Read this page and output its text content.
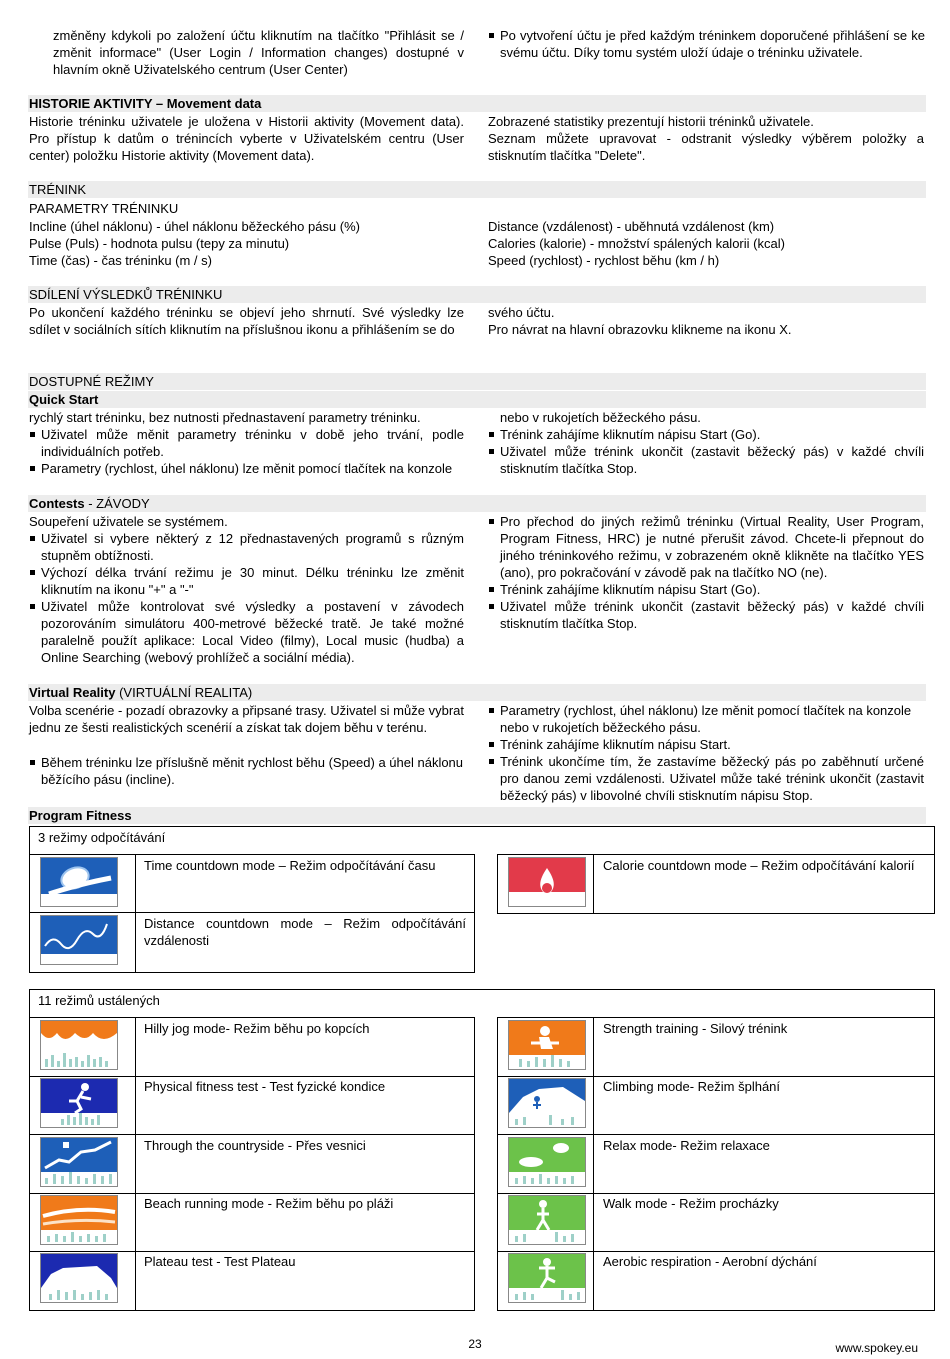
změněny kdykoli po založení účtu kliknutím na tlačítko "Přihlásit se / změnit informace" (User Login / Information changes) dostupné v hlavním okně Uživatelského centrum (User Center)
Po vytvoření účtu je před každým tréninkem doporučené přihlášení se ke svému účtu. Díky tomu systém uloží údaje o tréninku uživatele.
HISTORIE AKTIVITY – Movement data
Historie tréninku uživatele je uložena v Historii aktivity (Movement data). Pro přístup k datům o trénincích vyberte v Uživatelském centru (User center) položku Historie aktivity (Movement data).
Zobrazené statistiky prezentují historii tréninků uživatele.
Seznam můžete upravovat - odstranit výsledky výběrem položky a stisknutím tlačítka "Delete".
TRÉNINK
PARAMETRY TRÉNINKU
Incline (úhel náklonu) - úhel náklonu běžeckého pásu (%)
Pulse (Puls) - hodnota pulsu (tepy za minutu)
Time (čas) - čas tréninku (m / s)
Distance (vzdálenost) - uběhnutá vzdálenost (km)
Calories (kalorie) - množství spálených kalorii (kcal)
Speed (rychlost) - rychlost běhu (km / h)
SDÍLENÍ VÝSLEDKŮ TRÉNINKU
Po ukončení každého tréninku se objeví jeho shrnutí. Své výsledky lze sdílet v sociálních sítích kliknutím na příslušnou ikonu a přihlášením se do
svého účtu.
Pro návrat na hlavní obrazovku klikneme na ikonu X.
DOSTUPNÉ REŽIMY
Quick Start
rychlý start tréninku, bez nutnosti přednastavení parametry tréninku.
Uživatel může měnit parametry tréninku v době jeho trvání, podle individuálních potřeb.
Parametry (rychlost, úhel náklonu) lze měnit pomocí tlačítek na konzole
nebo v rukojetích běžeckého pásu.
Trénink zahájíme kliknutím nápisu Start (Go).
Uživatel může trénink ukončit (zastavit běžecký pás) v každé chvíli stisknutím tlačítka Stop.
Contests - ZÁVODY
Soupeření uživatele se systémem.
Uživatel si vybere některý z 12 přednastavených programů s různým stupněm obtížnosti.
Výchozí délka trvání režimu je 30 minut. Délku tréninku lze změnit kliknutím na ikonu "+" a "-"
Uživatel může kontrolovat své výsledky a postavení v závodech pozorováním simulátoru 400-metrové běžecké tratě. Je také možné paralelně použít aplikace: Local Video (filmy), Local music (hudba) a Online Searching (webový prohlížeč a sociální média).
Pro přechod do jiných režimů tréninku (Virtual Reality, User Program, Program Fitness, HRC) je nutné přerušit závod. Chcete-li přepnout do jiného tréninkového režimu, v zobrazeném okně klikněte na tlačítko YES (ano), pro pokračování v závodě pak na tlačítko NO (ne).
Trénink zahájíme kliknutím nápisu Start (Go).
Uživatel může trénink ukončit (zastavit běžecký pás) v každé chvíli stisknutím tlačítka Stop.
Virtual Reality (VIRTUÁLNÍ REALITA)
Volba scenérie - pozadí obrazovky a připsané trasy. Uživatel si může vybrat jednu ze šesti realistických scenérií a získat tak dojem běhu v terénu.
Během tréninku lze příslušně měnit rychlost běhu (Speed) a úhel náklonu běžícího pásu (incline).
Parametry (rychlost, úhel náklonu) lze měnit pomocí tlačítek na konzole nebo v rukojetích běžeckého pásu.
Trénink zahájíme kliknutím nápisu Start.
Trénink ukončíme tím, že zastavíme běžecký pás po zaběhnutí určené pro danou zemi vzdálenosti. Uživatel může také trénink ukončit (zastavit běžecký pás) v libovolné chvíli stisknutím nápisu Stop.
Program Fitness
3 režimy odpočítávání
Time countdown mode – Režim odpočítávání času	Calorie countdown mode – Režim odpočítávání kalorií
Distance countdown mode – Režim odpočítávání vzdálenosti
11 režimů ustálených
Hilly jog mode- Režim běhu po kopcích
Physical fitness test - Test fyzické kondice
Through the countryside - Přes vesnici
Beach running mode - Režim běhu po pláži
Plateau test - Test Plateau
Strength training - Silový trénink
Climbing mode- Režim šplhání
Relax mode- Režim relaxace
Walk mode - Režim procházky
Aerobic respiration - Aerobní dýchání
23	www.spokey.eu
